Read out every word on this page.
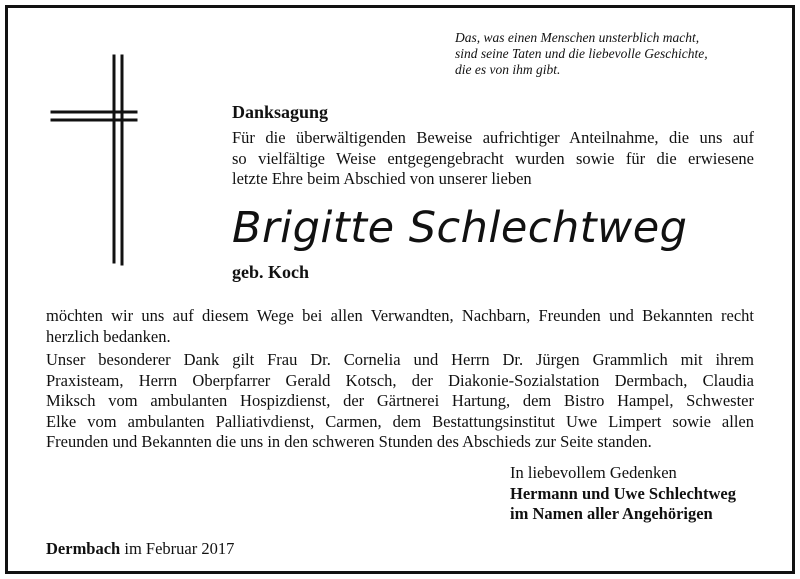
Das, was einen Menschen unsterblich macht,
sind seine Taten und die liebevolle Geschichte,
die es von ihm gibt.
Danksagung
Für die überwältigenden Beweise aufrichtiger Anteilnahme, die uns auf
so vielfältige Weise entgegengebracht wurden sowie für die erwiesene
letzte Ehre beim Abschied von unserer lieben
Brigitte Schlechtweg
geb. Koch
möchten wir uns auf diesem Wege bei allen Verwandten, Nachbarn, Freunden und Bekannten recht
herzlich bedanken.
Unser besonderer Dank gilt Frau Dr. Cornelia und Herrn Dr. Jürgen Grammlich mit ihrem
Praxisteam, Herrn Oberpfarrer Gerald Kotsch, der Diakonie-Sozialstation Dermbach, Claudia
Miksch vom ambulanten Hospizdienst, der Gärtnerei Hartung, dem Bistro Hampel, Schwester
Elke vom ambulanten Palliativdienst, Carmen, dem Bestattungsinstitut Uwe Limpert sowie allen
Freunden und Bekannten die uns in den schweren Stunden des Abschieds zur Seite standen.
In liebevollem Gedenken
Hermann und Uwe Schlechtweg
im Namen aller Angehörigen
Dermbach im Februar 2017
